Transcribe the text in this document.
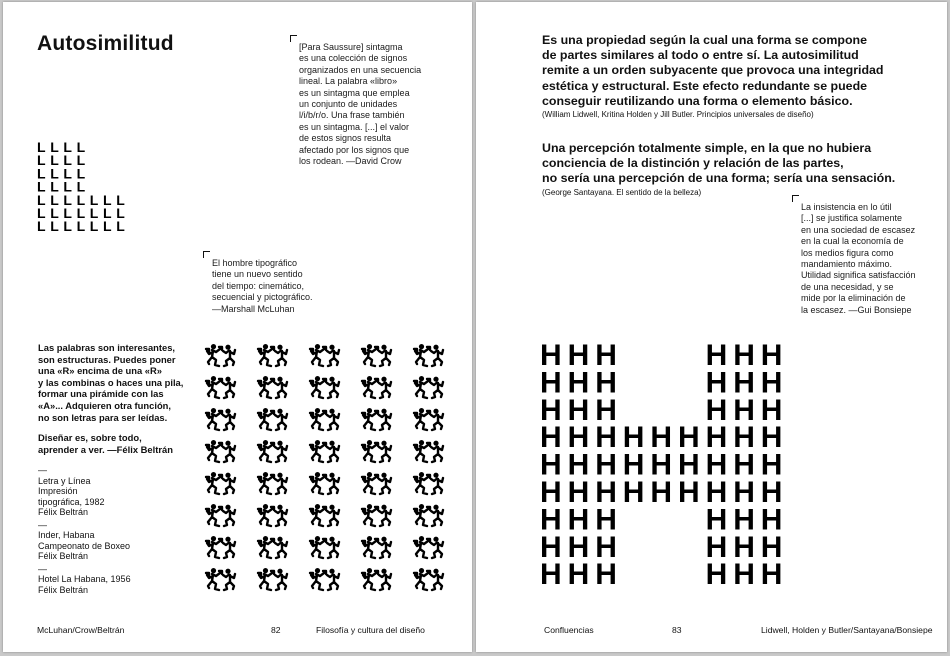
Autosimilitud	[Para Saussure] sintagma
es una colección de signos
organizados en una secuencia
lineal. La palabra «libro»
es un sintagma que emplea
un conjunto de unidades
l/i/b/r/o. Una frase también
es un sintagma. [...] el valor
de estos signos resulta
afectado por los signos que
los rodean. —David Crow
L L L L
L L L L
L L L L
L L L L
L L L L L L L
L L L L L L L
L L L L L L L
El hombre tipográfico
tiene un nuevo sentido
del tiempo: cinemático,
secuencial y pictográfico.
—Marshall McLuhan

Las palabras son interesantes,
son estructuras. Puedes poner
una «R» encima de una «R»
y las combinas o haces una pila,
formar una pirámide con las
«A»... Adquieren otra función,
no son letras para ser leídas.

Diseñar es, sobre todo,
aprender a ver. —Félix Beltrán

—
Letra y Línea
Impresión
tipográfica, 1982
Félix Beltrán
—
Inder, Habana
Campeonato de Boxeo
Félix Beltrán
—
Hotel La Habana, 1956
Félix Beltrán
McLuhan/Crow/Beltrán	82	Filosofía y cultura del diseño

Es una propiedad según la cual una forma se compone
de partes similares al todo o entre sí. La autosimilitud
remite a un orden subyacente que provoca una integridad
estética y estructural. Este efecto redundante se puede
conseguir reutilizando una forma o elemento básico.

(William Lidwell, Kritina Holden y Jill Butler. Principios universales de diseño)

Una percepción totalmente simple, en la que no hubiera
conciencia de la distinción y relación de las partes,
no sería una percepción de una forma; sería una sensación.

(George Santayana. El sentido de la belleza)

La insistencia en lo útil
[...] se justifica solamente
en una sociedad de escasez
en la cual la economía de
los medios figura como
mandamiento máximo.
Utilidad significa satisfacción
de una necesidad, y se
mide por la eliminación de
la escasez. —Gui Bonsiepe
H H H	H H H
H H H	H H H
H H H	H H H
H H H H H H H H H
H H H H H H H H H
H H H H H H H H H
H H H	H H H
H H H	H H H
H H H	H H H
Confluencias	83	Lidwell, Holden y Butler/Santayana/Bonsiepe
